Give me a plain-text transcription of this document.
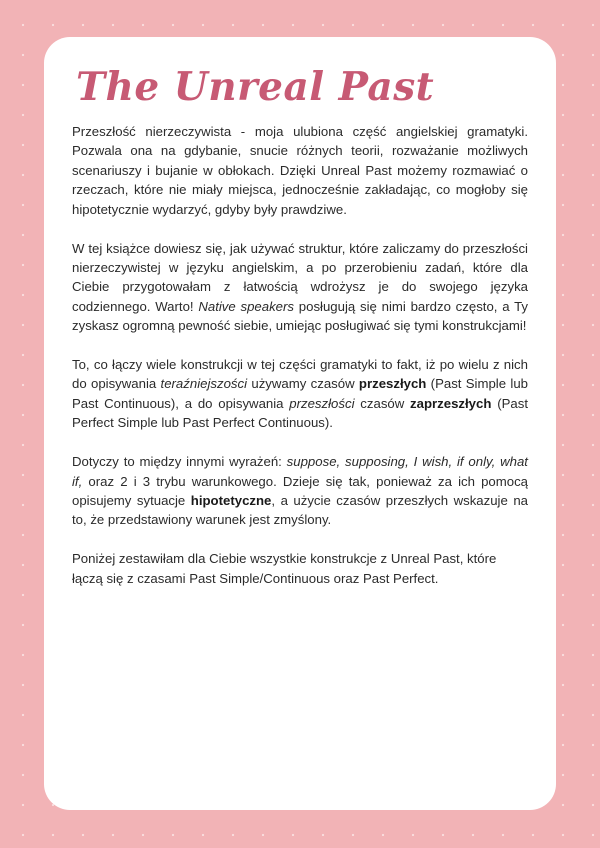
The Unreal Past

Przeszłość nierzeczywista - moja ulubiona część angielskiej gramatyki. Pozwala ona na gdybanie, snucie różnych teorii, rozważanie możliwych scenariuszy i bujanie w obłokach. Dzięki Unreal Past możemy rozmawiać o rzeczach, które nie miały miejsca, jednocześnie zakładając, co mogłoby się hipotetycznie wydarzyć, gdyby były prawdziwe.

W tej książce dowiesz się, jak używać struktur, które zaliczamy do przeszłości nierzeczywistej w języku angielskim, a po przerobieniu zadań, które dla Ciebie przygotowałam z łatwością wdrożysz je do swojego języka codziennego. Warto! Native speakers posługują się nimi bardzo często, a Ty zyskasz ogromną pewność siebie, umiejąc posługiwać się tymi konstrukcjami!

To, co łączy wiele konstrukcji w tej części gramatyki to fakt, iż po wielu z nich do opisywania teraźniejszości używamy czasów przeszłych (Past Simple lub Past Continuous), a do opisywania przeszłości czasów zaprzeszłych (Past Perfect Simple lub Past Perfect Continuous).

Dotyczy to między innymi wyrażeń: suppose, supposing, I wish, if only, what if, oraz 2 i 3 trybu warunkowego. Dzieje się tak, ponieważ za ich pomocą opisujemy sytuacje hipotetyczne, a użycie czasów przeszłych wskazuje na to, że przedstawiony warunek jest zmyślony.

Poniżej zestawiłam dla Ciebie wszystkie konstrukcje z Unreal Past, które łączą się z czasami Past Simple/Continuous oraz Past Perfect.
